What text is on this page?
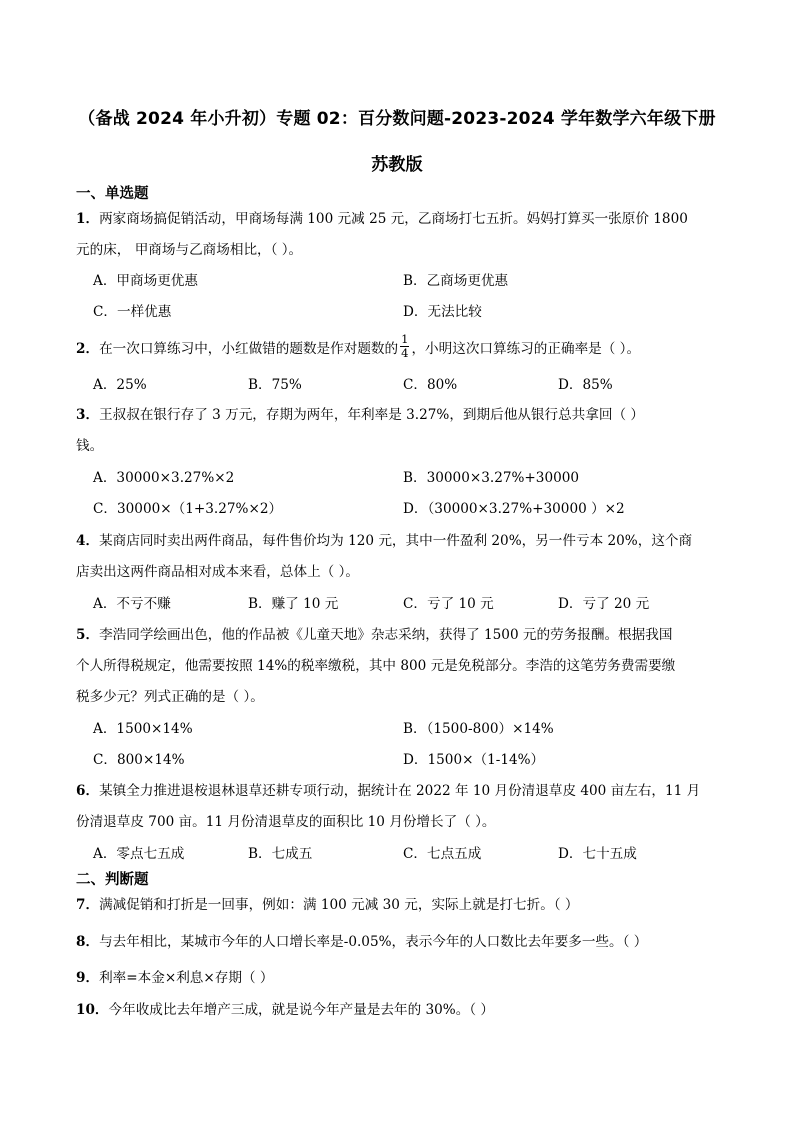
（备战 2024 年小升初）专题 02：百分数问题-2023-2024 学年数学六年级下册
苏教版
一、单选题
1．两家商场搞促销活动，甲商场每满 100 元减 25 元，乙商场打七五折。妈妈打算买一张原价 1800
元的床， 甲商场与乙商场相比，（ ）。
A．甲商场更优惠	B．乙商场更优惠
C．一样优惠	D．无法比较
2．在一次口算练习中，小红做错的题数是作对题数的 $\frac{1}{4}$ ，小明这次口算练习的正确率是（ ）。
A．25%	B．75%	C．80%	D．85%
3．王叔叔在银行存了 3 万元，存期为两年，年利率是 3.27%，到期后他从银行总共拿回（ ）
钱。
A．30000×3.27%×2	B．30000×3.27%+30000
C．30000×（1+3.27%×2）	D．（30000×3.27%+30000 ）×2
4．某商店同时卖出两件商品，每件售价均为 120 元，其中一件盈利 20%，另一件亏本 20%，这个商
店卖出这两件商品相对成本来看，总体上（ ）。
A．不亏不赚	B．赚了 10 元	C．亏了 10 元	D．亏了 20 元
5．李浩同学绘画出色，他的作品被《儿童天地》杂志采纳，获得了 1500 元的劳务报酬。根据我国
个人所得税规定，他需要按照 14%的税率缴税，其中 800 元是免税部分。李浩的这笔劳务费需要缴
税多少元？列式正确的是（ ）。
A．1500×14%	B．（1500-800）×14%
C．800×14%	D．1500×（1-14%）
6．某镇全力推进退桉退林退草还耕专项行动，据统计在 2022 年 10 月份清退草皮 400 亩左右，11 月
份清退草皮 700 亩。11 月份清退草皮的面积比 10 月份增长了（ ）。
A．零点七五成	B．七成五	C．七点五成	D．七十五成
二、判断题
7．满减促销和打折是一回事，例如：满 100 元减 30 元，实际上就是打七折。（ ）
8．与去年相比，某城市今年的人口增长率是-0.05%，表示今年的人口数比去年要多一些。（ ）
9．利率=本金×利息×存期（ ）
10．今年收成比去年增产三成，就是说今年产量是去年的 30%。（ ）
